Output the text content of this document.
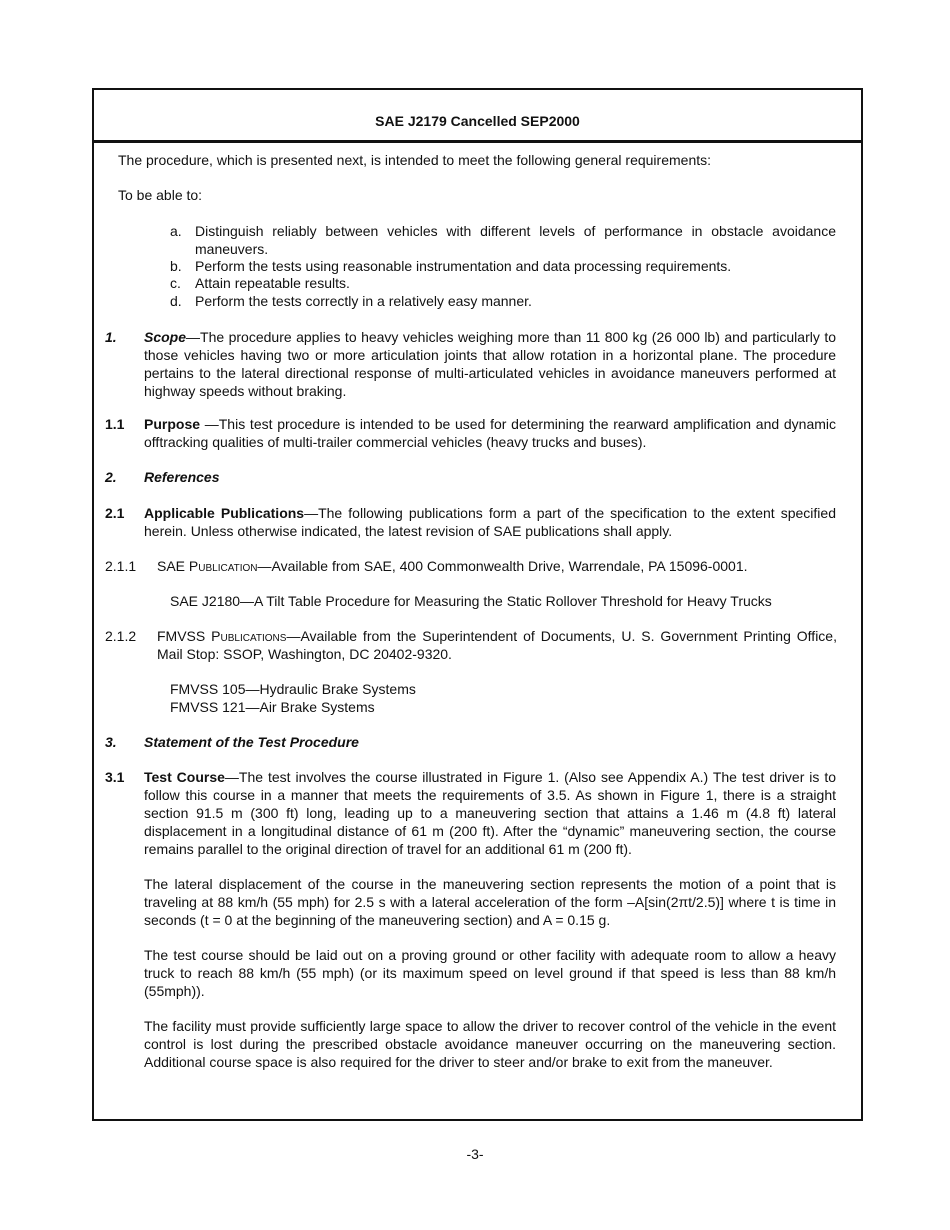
SAE J2179 Cancelled SEP2000

The procedure, which is presented next, is intended to meet the following general requirements:

To be able to:

a. Distinguish reliably between vehicles with different levels of performance in obstacle avoidance maneuvers.
b. Perform the tests using reasonable instrumentation and data processing requirements.
c. Attain repeatable results.
d. Perform the tests correctly in a relatively easy manner.
1. Scope—The procedure applies to heavy vehicles weighing more than 11 800 kg (26 000 lb) and particularly to those vehicles having two or more articulation joints that allow rotation in a horizontal plane. The procedure pertains to the lateral directional response of multi-articulated vehicles in avoidance maneuvers performed at highway speeds without braking.

1.1 Purpose —This test procedure is intended to be used for determining the rearward amplification and dynamic offtracking qualities of multi-trailer commercial vehicles (heavy trucks and buses).

2. References
2.1 Applicable Publications—The following publications form a part of the specification to the extent specified herein. Unless otherwise indicated, the latest revision of SAE publications shall apply.

2.1.1 SAE Publication—Available from SAE, 400 Commonwealth Drive, Warrendale, PA 15096-0001.

SAE J2180—A Tilt Table Procedure for Measuring the Static Rollover Threshold for Heavy Trucks

2.1.2 FMVSS Publications—Available from the Superintendent of Documents, U. S. Government Printing Office, Mail Stop: SSOP, Washington, DC 20402-9320.

FMVSS 105—Hydraulic Brake Systems

FMVSS 121—Air Brake Systems

3. Statement of the Test Procedure
3.1 Test Course—The test involves the course illustrated in Figure 1. (Also see Appendix A.) The test driver is to follow this course in a manner that meets the requirements of 3.5. As shown in Figure 1, there is a straight section 91.5 m (300 ft) long, leading up to a maneuvering section that attains a 1.46 m (4.8 ft) lateral displacement in a longitudinal distance of 61 m (200 ft). After the “dynamic” maneuvering section, the course remains parallel to the original direction of travel for an additional 61 m (200 ft).

The lateral displacement of the course in the maneuvering section represents the motion of a point that is traveling at 88 km/h (55 mph) for 2.5 s with a lateral acceleration of the form –A[sin(2πt/2.5)] where t is time in seconds (t = 0 at the beginning of the maneuvering section) and A = 0.15 g.

The test course should be laid out on a proving ground or other facility with adequate room to allow a heavy truck to reach 88 km/h (55 mph) (or its maximum speed on level ground if that speed is less than 88 km/h (55mph)).

The facility must provide sufficiently large space to allow the driver to recover control of the vehicle in the event control is lost during the prescribed obstacle avoidance maneuver occurring on the maneuvering section. Additional course space is also required for the driver to steer and/or brake to exit from the maneuver.

-3-
